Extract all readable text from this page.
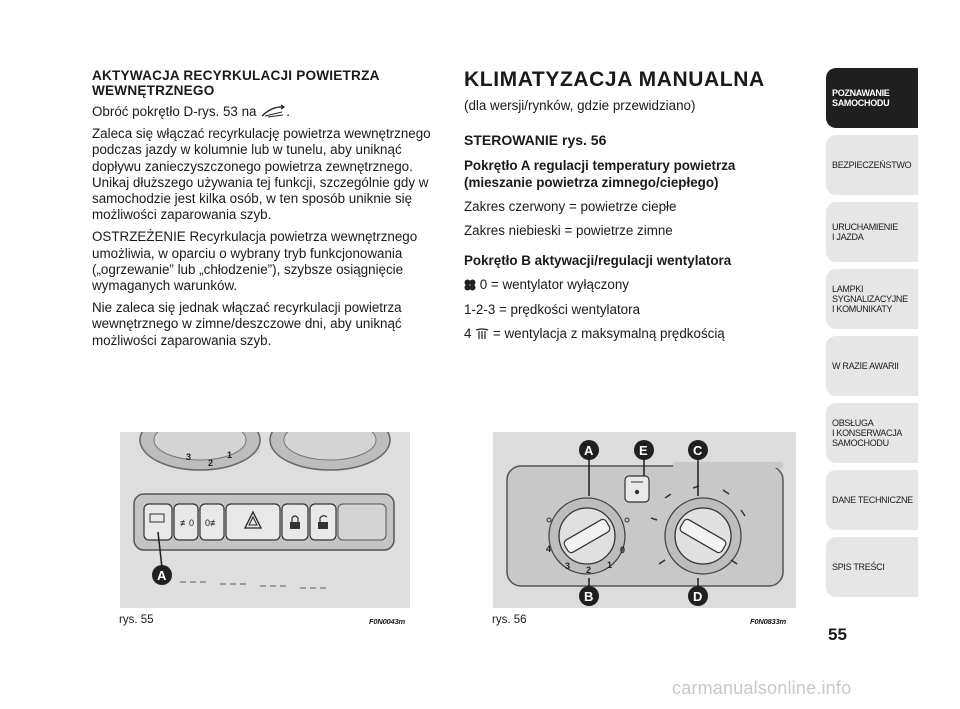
AKTYWACJA RECYRKULACJI POWIETRZA WEWNĘTRZNEGO

Obróć pokrętło D-rys. 53 na .

Zaleca się włączać recyrkulację powietrza wewnętrznego podczas jazdy w kolumnie lub w tunelu, aby uniknąć dopływu zanieczyszczonego powietrza zewnętrznego. Unikaj dłuższego używania tej funkcji, szczególnie gdy w samochodzie jest kilka osób, w ten sposób uniknie się możliwości zaparowania szyb.

OSTRZEŻENIE Recyrkulacja powietrza wewnętrznego umożliwia, w oparciu o wybrany tryb funkcjonowania („ogrzewanie” lub „chłodzenie”), szybsze osiągnięcie wymaganych warunków.

Nie zaleca się jednak włączać recyrkulacji powietrza wewnętrznego w zimne/deszczowe dni, aby uniknąć możliwości zaparowania szyb.

KLIMATYZACJA MANUALNA

(dla wersji/rynków, gdzie przewidziano)

STEROWANIE rys. 56

Pokrętło A regulacji temperatury powietrza (mieszanie powietrza zimnego/ciepłego)

Zakres czerwony = powietrze ciepłe

Zakres niebieski = powietrze zimne

Pokrętło B aktywacji/regulacji wentylatora

0 = wentylator wyłączony

1-2-3 = prędkości wentylatora

4 = wentylacja z maksymalną prędkością

3
2
1
≢0 0≢
A
rys. 55	F0N0043m
4
3 2 1
0
A	E	C
B	D
rys. 56	F0N0833m
POZNAWANIE
SAMOCHODU
BEZPIECZEŃSTWO
URUCHAMIENIE
I JAZDA
LAMPKI
SYGNALIZACYJNE
I KOMUNIKATY
W RAZIE AWARII
OBSŁUGA
I KONSERWACJA
SAMOCHODU
DANE TECHNICZNE
SPIS TREŚCI
55
carmanualsonline.info
